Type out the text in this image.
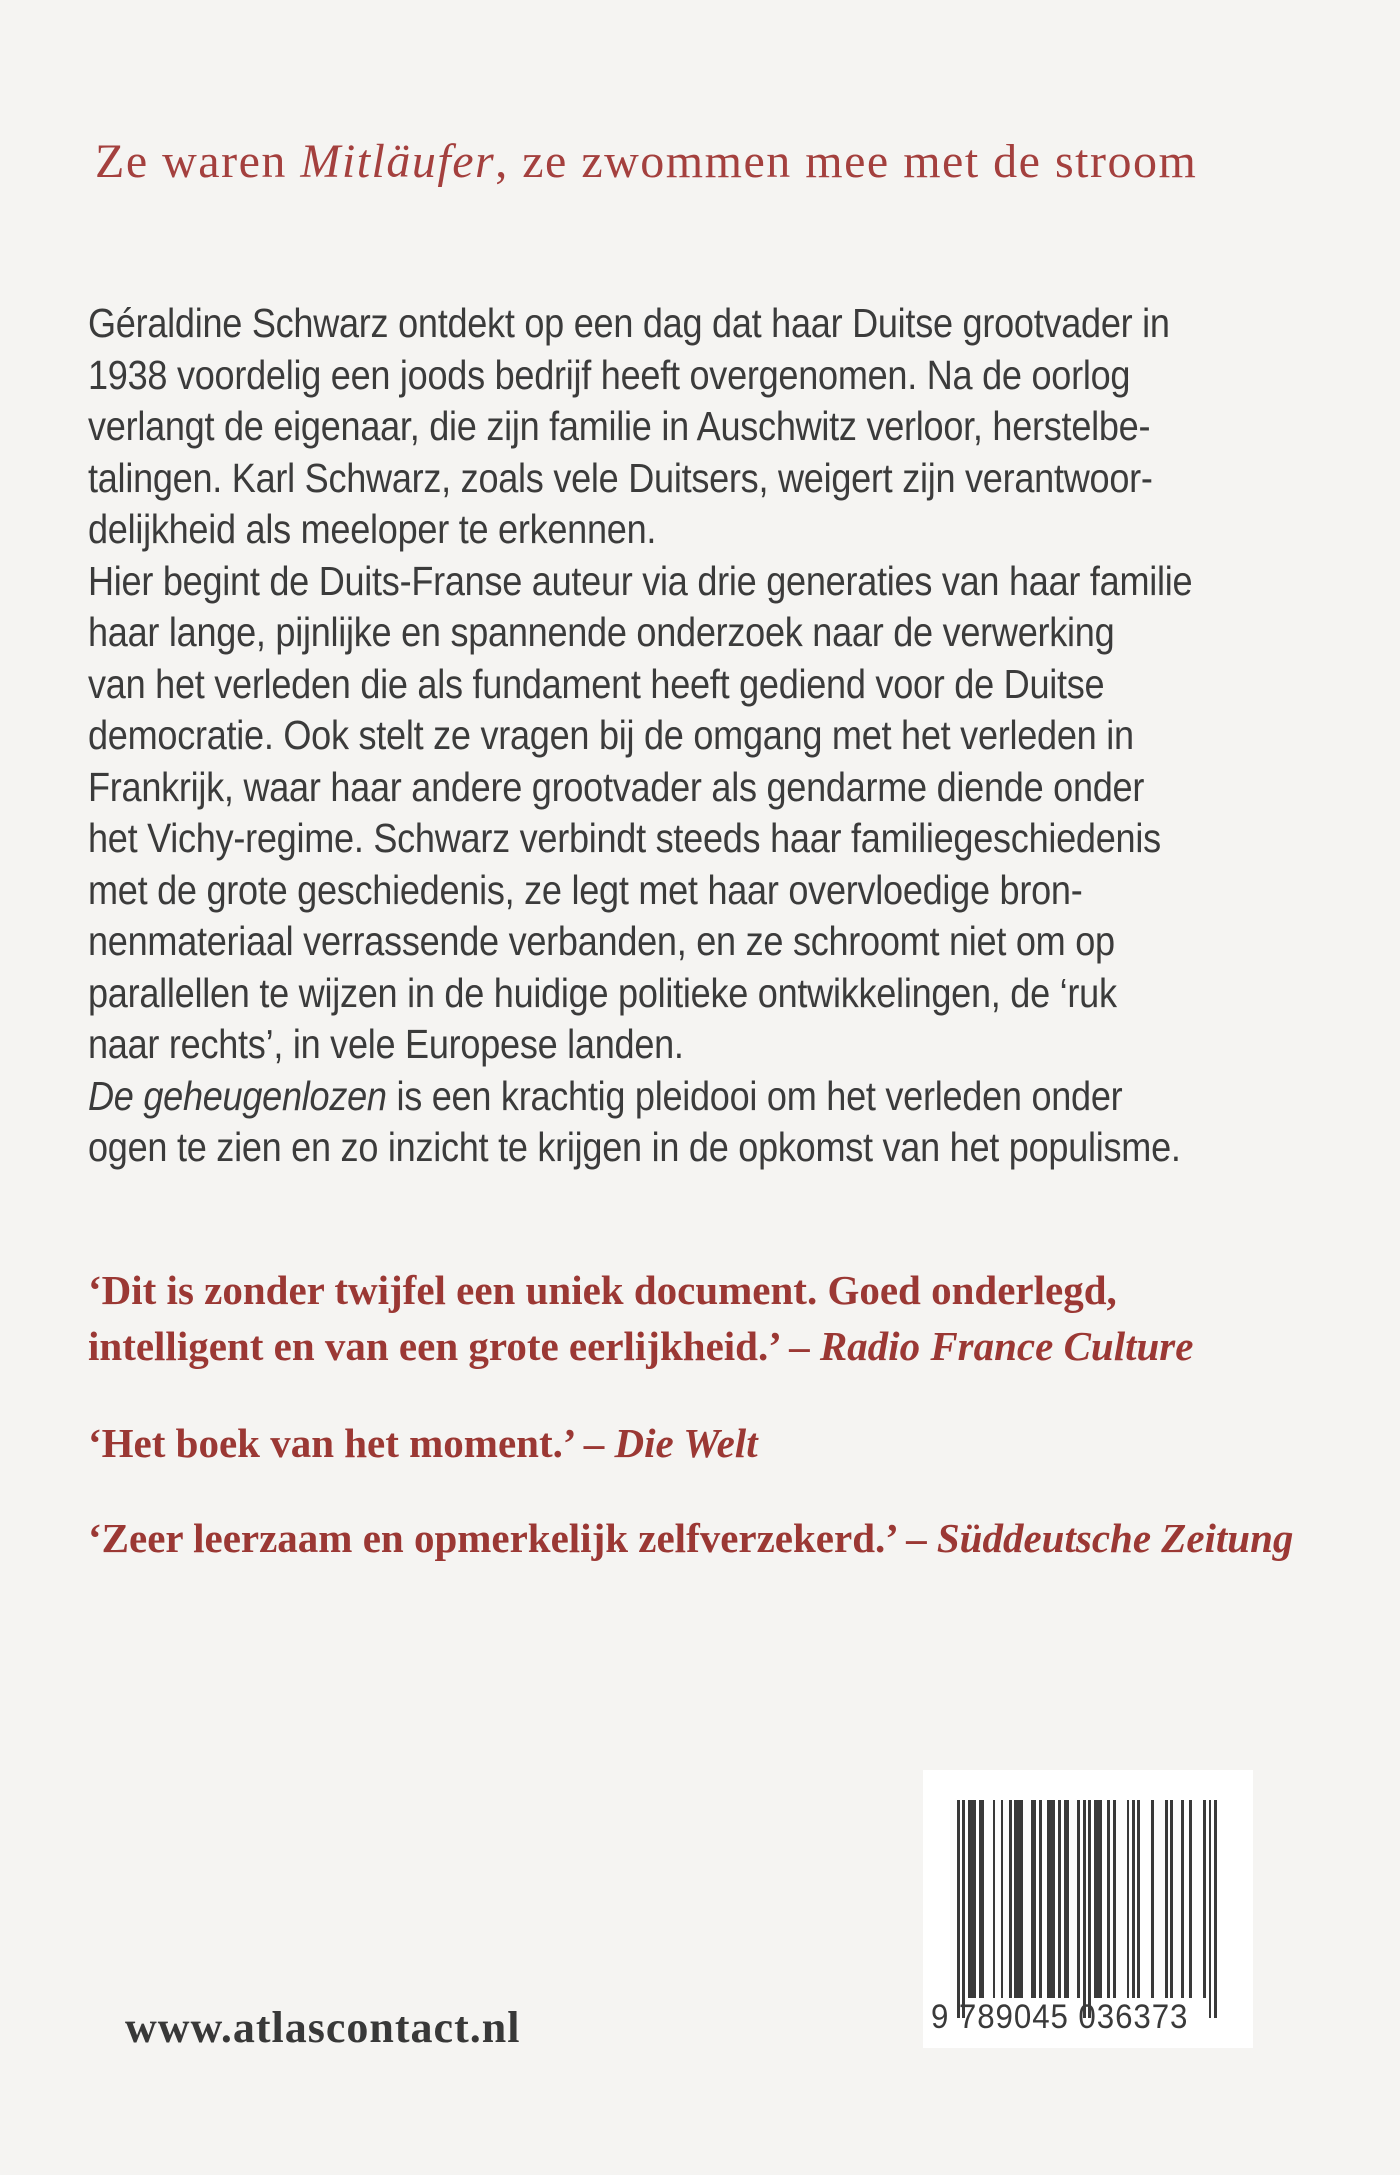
Ze waren Mitläufer, ze zwommen mee met de stroom
Géraldine Schwarz ontdekt op een dag dat haar Duitse grootvader in
1938 voordelig een joods bedrijf heeft overgenomen. Na de oorlog
verlangt de eigenaar, die zijn familie in Auschwitz verloor, herstelbe-
talingen. Karl Schwarz, zoals vele Duitsers, weigert zijn verantwoor-
delijkheid als meeloper te erkennen.
Hier begint de Duits-Franse auteur via drie generaties van haar familie
haar lange, pijnlijke en spannende onderzoek naar de verwerking
van het verleden die als fundament heeft gediend voor de Duitse
democratie. Ook stelt ze vragen bij de omgang met het verleden in
Frankrijk, waar haar andere grootvader als gendarme diende onder
het Vichy-regime. Schwarz verbindt steeds haar familiegeschiedenis
met de grote geschiedenis, ze legt met haar overvloedige bron-
nenmateriaal verrassende verbanden, en ze schroomt niet om op
parallellen te wijzen in de huidige politieke ontwikkelingen, de ‘ruk
naar rechts’, in vele Europese landen.
De geheugenlozen is een krachtig pleidooi om het verleden onder
ogen te zien en zo inzicht te krijgen in de opkomst van het populisme.
‘Dit is zonder twijfel een uniek document. Goed onderlegd,
intelligent en van een grote eerlijkheid.’ – Radio France Culture
‘Het boek van het moment.’ – Die Welt
‘Zeer leerzaam en opmerkelijk zelfverzekerd.’ – Süddeutsche Zeitung
9 789045 036373
www.atlascontact.nl
